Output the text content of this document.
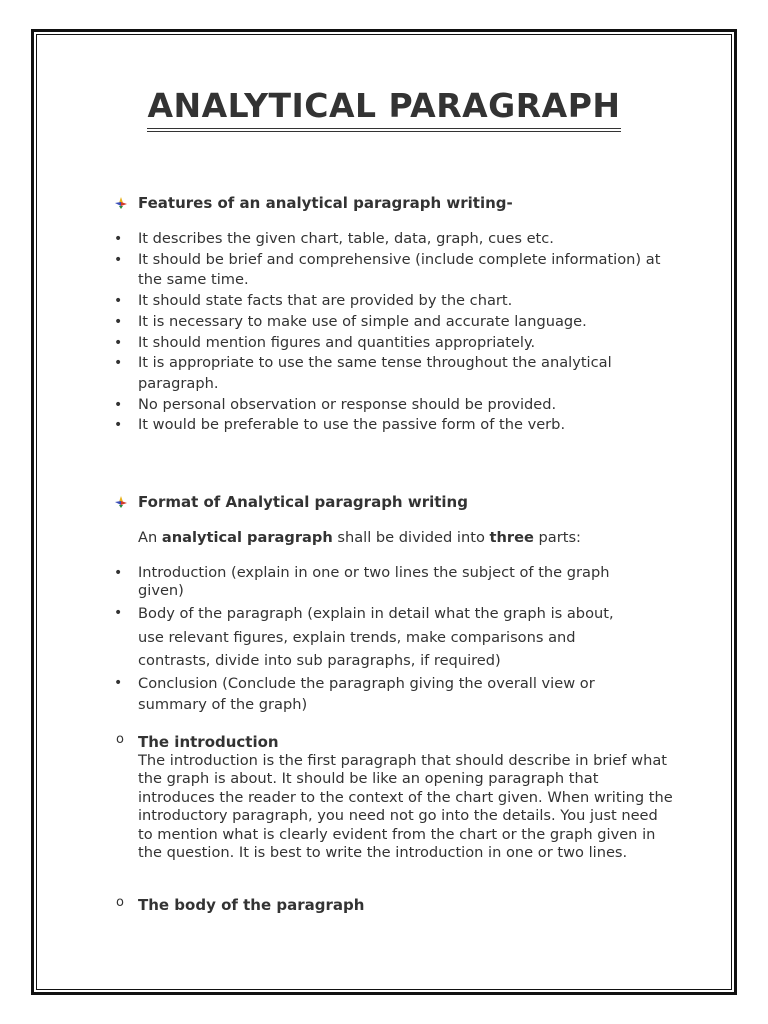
ANALYTICAL PARAGRAPH
Features of an analytical paragraph writing-
• It describes the given chart, table, data, graph, cues etc.
• It should be brief and comprehensive (include complete information) at the same time.
• It should state facts that are provided by the chart.
• It is necessary to make use of simple and accurate language.
• It should mention figures and quantities appropriately.
• It is appropriate to use the same tense throughout the analytical paragraph.
• No personal observation or response should be provided.
• It would be preferable to use the passive form of the verb.
Format of Analytical paragraph writing
An analytical paragraph shall be divided into three parts:
• Introduction (explain in one or two lines the subject of the graph given)
• Body of the paragraph (explain in detail what the graph is about, use relevant figures, explain trends, make comparisons and contrasts, divide into sub paragraphs, if required)
• Conclusion (Conclude the paragraph giving the overall view or summary of the graph)
o The introduction
The introduction is the first paragraph that should describe in brief what the graph is about. It should be like an opening paragraph that introduces the reader to the context of the chart given. When writing the introductory paragraph, you need not go into the details. You just need to mention what is clearly evident from the chart or the graph given in the question. It is best to write the introduction in one or two lines.
o The body of the paragraph
